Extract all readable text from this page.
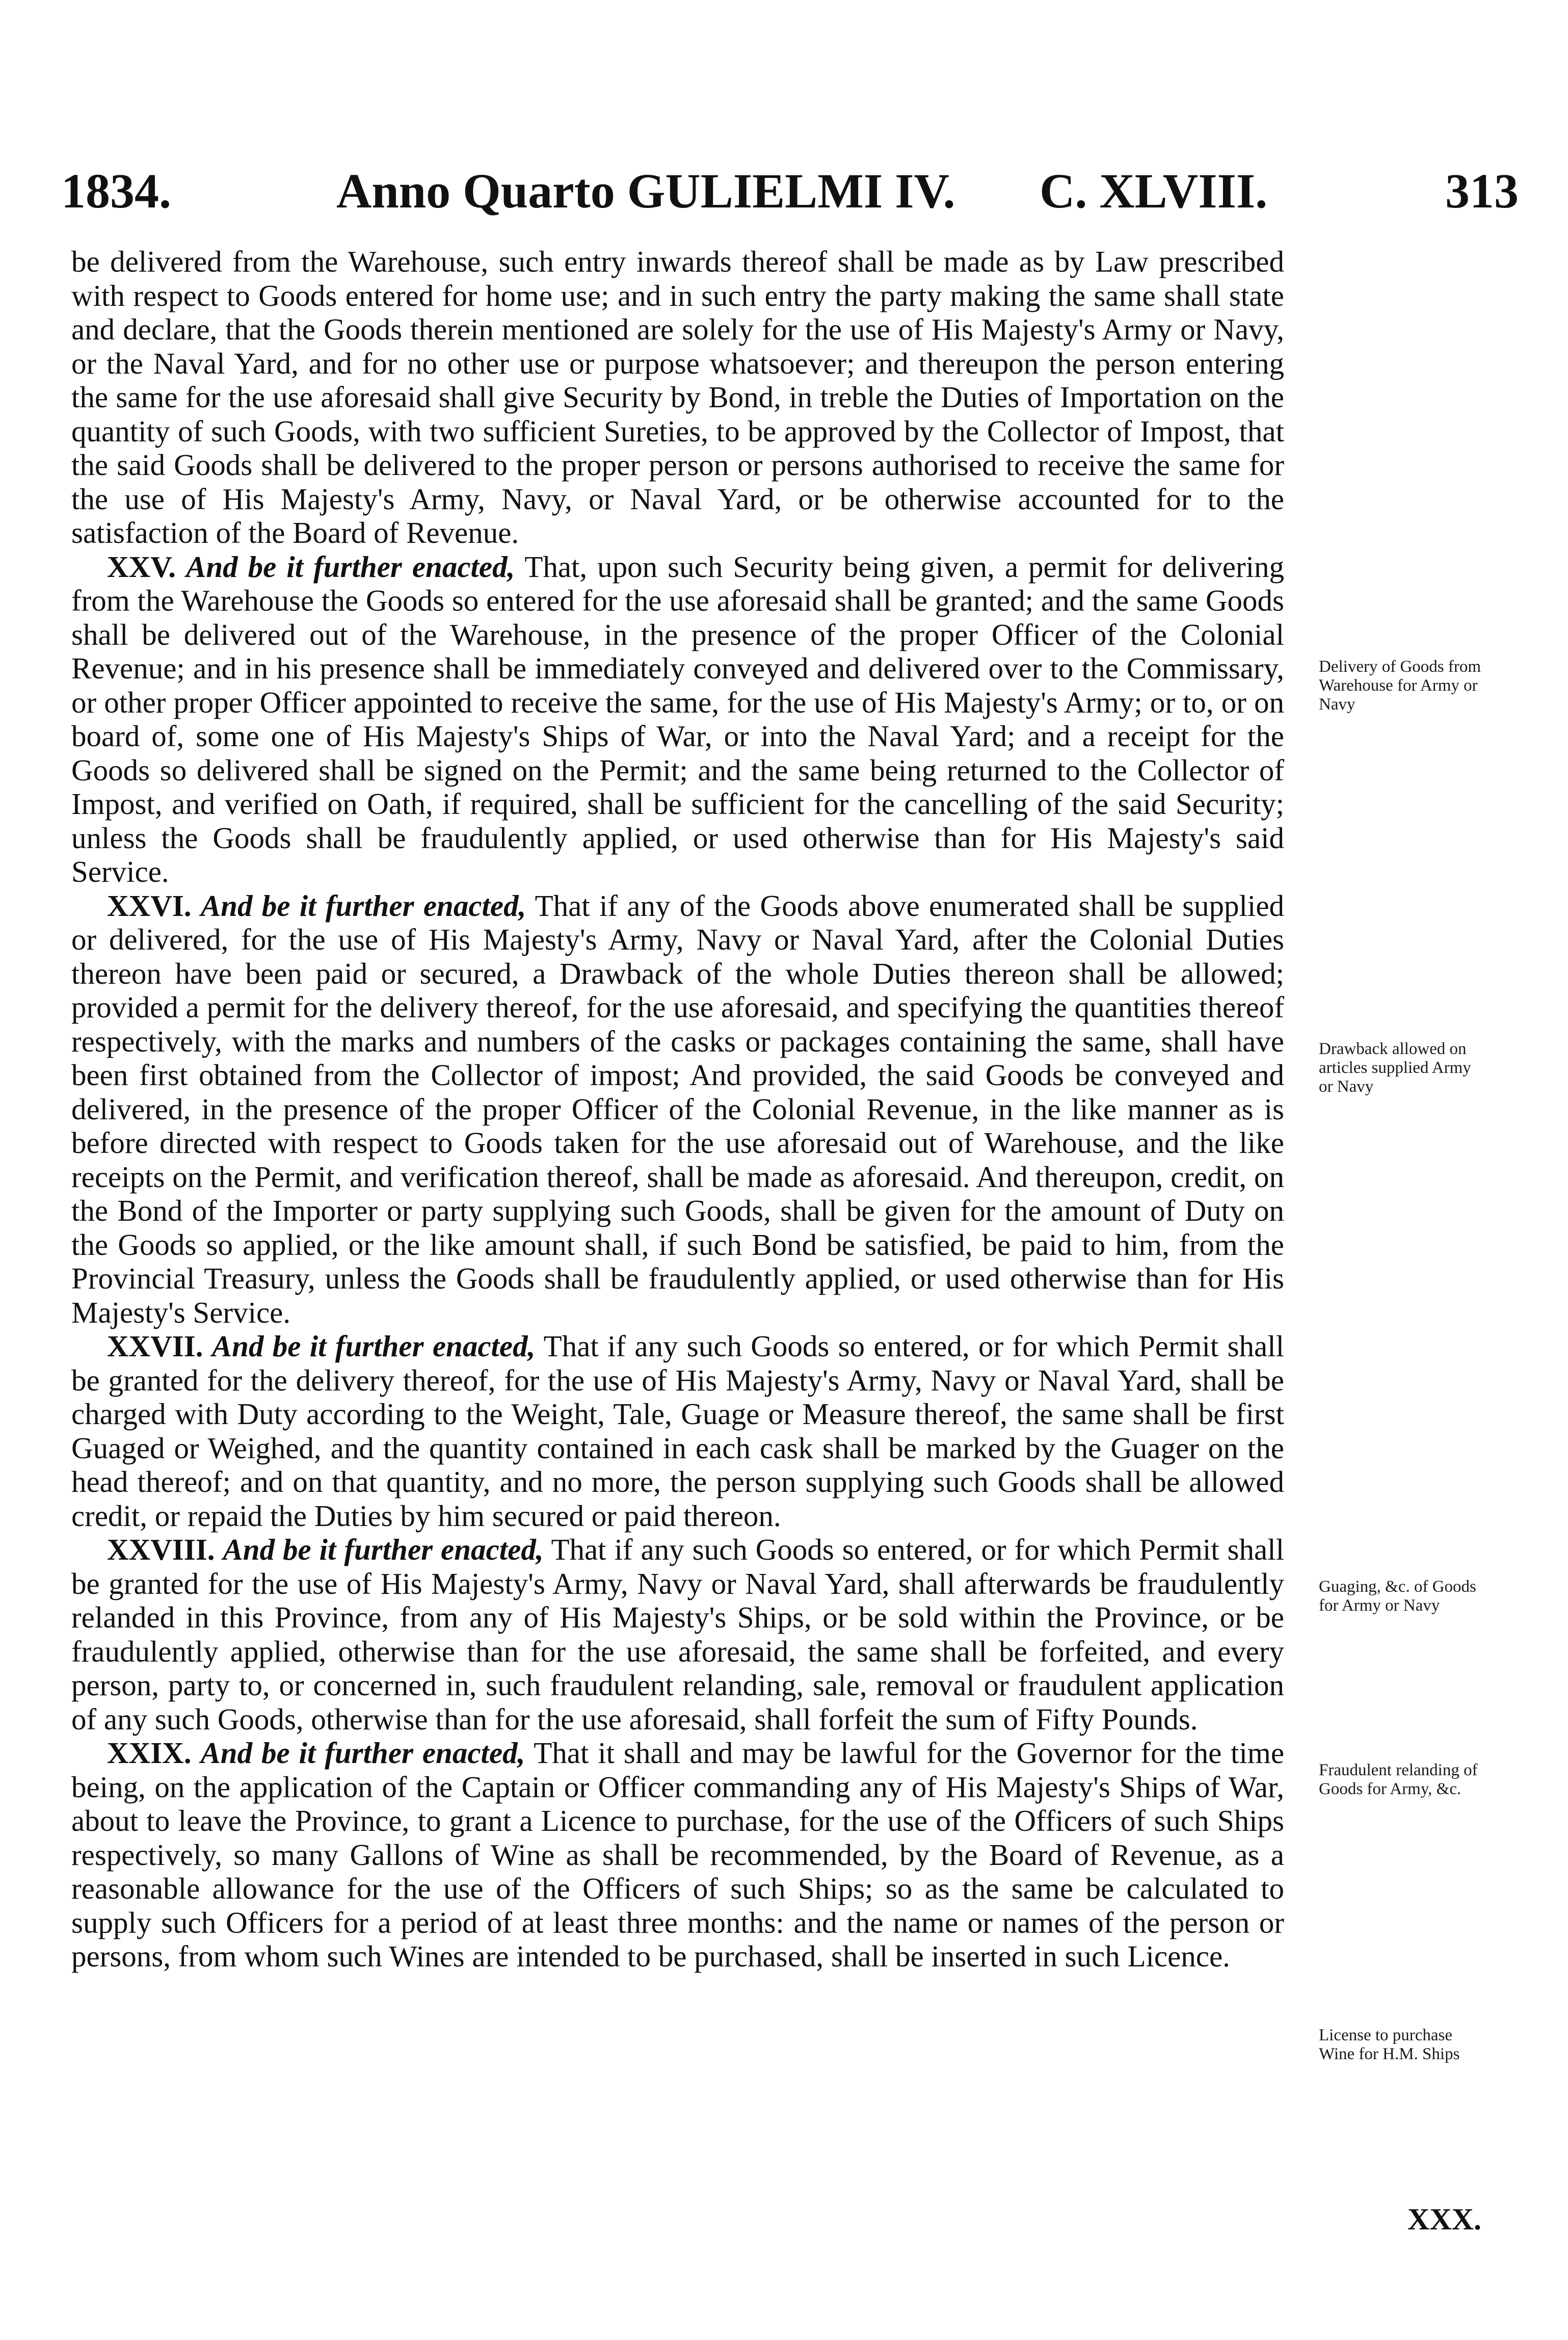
1834.	Anno Quarto GULIELMI IV. C. XLVIII.	313

be delivered from the Warehouse, such entry inwards thereof shall be made as by Law prescribed with respect to Goods entered for home use; and in such entry the party making the same shall state and declare, that the Goods therein mentioned are solely for the use of His Majesty's Army or Navy, or the Naval Yard, and for no other use or purpose whatsoever; and thereupon the person entering the same for the use aforesaid shall give Security by Bond, in treble the Duties of Importation on the quantity of such Goods, with two sufficient Sureties, to be approved by the Collector of Impost, that the said Goods shall be delivered to the proper person or persons authorised to receive the same for the use of His Majesty's Army, Navy, or Naval Yard, or be otherwise accounted for to the satisfaction of the Board of Revenue.

XXV. And be it further enacted, That, upon such Security being given, a permit for delivering from the Warehouse the Goods so entered for the use aforesaid shall be granted; and the same Goods shall be delivered out of the Warehouse, in the presence of the proper Officer of the Colonial Revenue; and in his presence shall be immediately conveyed and delivered over to the Commissary, or other proper Officer appointed to receive the same, for the use of His Majesty's Army; or to, or on board of, some one of His Majesty's Ships of War, or into the Naval Yard; and a receipt for the Goods so delivered shall be signed on the Permit; and the same being returned to the Collector of Impost, and verified on Oath, if required, shall be sufficient for the cancelling of the said Security; unless the Goods shall be fraudulently applied, or used otherwise than for His Majesty's said Service.

XXVI. And be it further enacted, That if any of the Goods above enumerated shall be supplied or delivered, for the use of His Majesty's Army, Navy or Naval Yard, after the Colonial Duties thereon have been paid or secured, a Drawback of the whole Duties thereon shall be allowed; provided a permit for the delivery thereof, for the use aforesaid, and specifying the quantities thereof respectively, with the marks and numbers of the casks or packages containing the same, shall have been first obtained from the Collector of impost; And provided, the said Goods be conveyed and delivered, in the presence of the proper Officer of the Colonial Revenue, in the like manner as is before directed with respect to Goods taken for the use aforesaid out of Warehouse, and the like receipts on the Permit, and verification thereof, shall be made as aforesaid. And thereupon, credit, on the Bond of the Importer or party supplying such Goods, shall be given for the amount of Duty on the Goods so applied, or the like amount shall, if such Bond be satisfied, be paid to him, from the Provincial Treasury, unless the Goods shall be fraudulently applied, or used otherwise than for His Majesty's Service.

XXVII. And be it further enacted, That if any such Goods so entered, or for which Permit shall be granted for the delivery thereof, for the use of His Majesty's Army, Navy or Naval Yard, shall be charged with Duty according to the Weight, Tale, Guage or Measure thereof, the same shall be first Guaged or Weighed, and the quantity contained in each cask shall be marked by the Guager on the head thereof; and on that quantity, and no more, the person supplying such Goods shall be allowed credit, or repaid the Duties by him secured or paid thereon.

XXVIII. And be it further enacted, That if any such Goods so entered, or for which Permit shall be granted for the use of His Majesty's Army, Navy or Naval Yard, shall afterwards be fraudulently relanded in this Province, from any of His Majesty's Ships, or be sold within the Province, or be fraudulently applied, otherwise than for the use aforesaid, the same shall be forfeited, and every person, party to, or concerned in, such fraudulent relanding, sale, removal or fraudulent application of any such Goods, otherwise than for the use aforesaid, shall forfeit the sum of Fifty Pounds.

XXIX. And be it further enacted, That it shall and may be lawful for the Governor for the time being, on the application of the Captain or Officer commanding any of His Majesty's Ships of War, about to leave the Province, to grant a Licence to purchase, for the use of the Officers of such Ships respectively, so many Gallons of Wine as shall be recommended, by the Board of Revenue, as a reasonable allowance for the use of the Officers of such Ships; so as the same be calculated to supply such Officers for a period of at least three months: and the name or names of the person or persons, from whom such Wines are intended to be purchased, shall be inserted in such Licence.

Delivery of Goods from Warehouse for Army or Navy
Drawback allowed on articles supplied Army or Navy
Guaging, &c. of Goods for Army or Navy
Fraudulent relanding of Goods for Army, &c.
License to purchase Wine for H.M. Ships
XXX.
